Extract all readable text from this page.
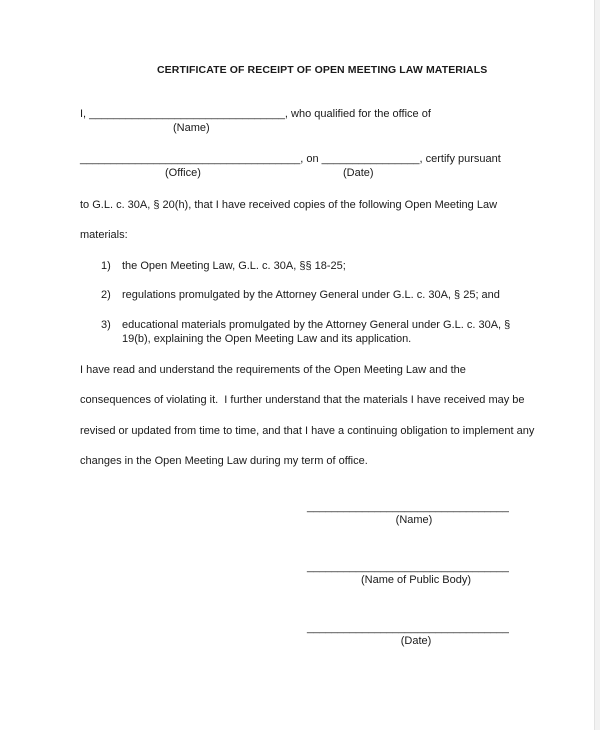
CERTIFICATE OF RECEIPT OF OPEN MEETING LAW MATERIALS
I, ________________________________, who qualified for the office of
(Name)
____________________________________, on ________________, certify pursuant
(Office)	(Date)
to G.L. c. 30A, § 20(h), that I have received copies of the following Open Meeting Law
materials:
1) the Open Meeting Law, G.L. c. 30A, §§ 18-25;
2) regulations promulgated by the Attorney General under G.L. c. 30A, § 25; and
3) educational materials promulgated by the Attorney General under G.L. c. 30A, §
19(b), explaining the Open Meeting Law and its application.
I have read and understand the requirements of the Open Meeting Law and the
consequences of violating it.  I further understand that the materials I have received may be
revised or updated from time to time, and that I have a continuing obligation to implement any
changes in the Open Meeting Law during my term of office.
_________________________________
(Name)
_________________________________
(Name of Public Body)
_________________________________
(Date)
